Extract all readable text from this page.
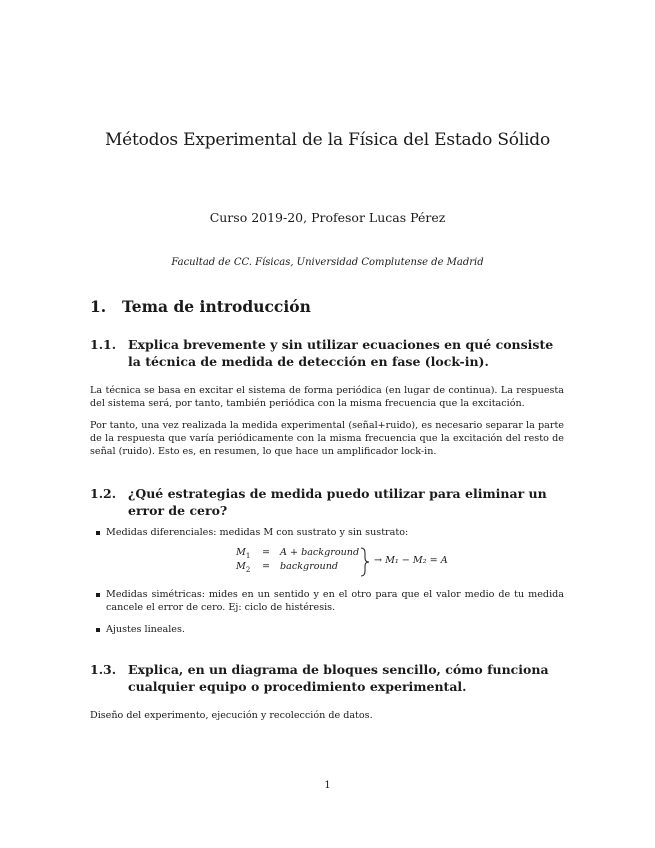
Métodos Experimental de la Física del Estado Sólido
Curso 2019-20, Profesor Lucas Pérez
Facultad de CC. Físicas, Universidad Complutense de Madrid
1. Tema de introducción
1.1. Explica brevemente y sin utilizar ecuaciones en qué consiste la técnica de medida de detección en fase (lock-in).
La técnica se basa en excitar el sistema de forma periódica (en lugar de continua). La respuesta del sistema será, por tanto, también periódica con la misma frecuencia que la excitación.
Por tanto, una vez realizada la medida experimental (señal+ruido), es necesario separar la parte de la respuesta que varía periódicamente con la misma frecuencia que la excitación del resto de señal (ruido). Esto es, en resumen, lo que hace un amplificador lock-in.
1.2. ¿Qué estrategias de medida puedo utilizar para eliminar un error de cero?
Medidas diferenciales: medidas M con sustrato y sin sustrato:
$M_1 = A$ + background
$M_2$ = background
→ M₁ − M₂ = A
Medidas simétricas: mides en un sentido y en el otro para que el valor medio de tu medida cancele el error de cero. Ej: ciclo de histéresis.
Ajustes lineales.
1.3. Explica, en un diagrama de bloques sencillo, cómo funciona cualquier equipo o procedimiento experimental.
Diseño del experimento, ejecución y recolección de datos.
1
